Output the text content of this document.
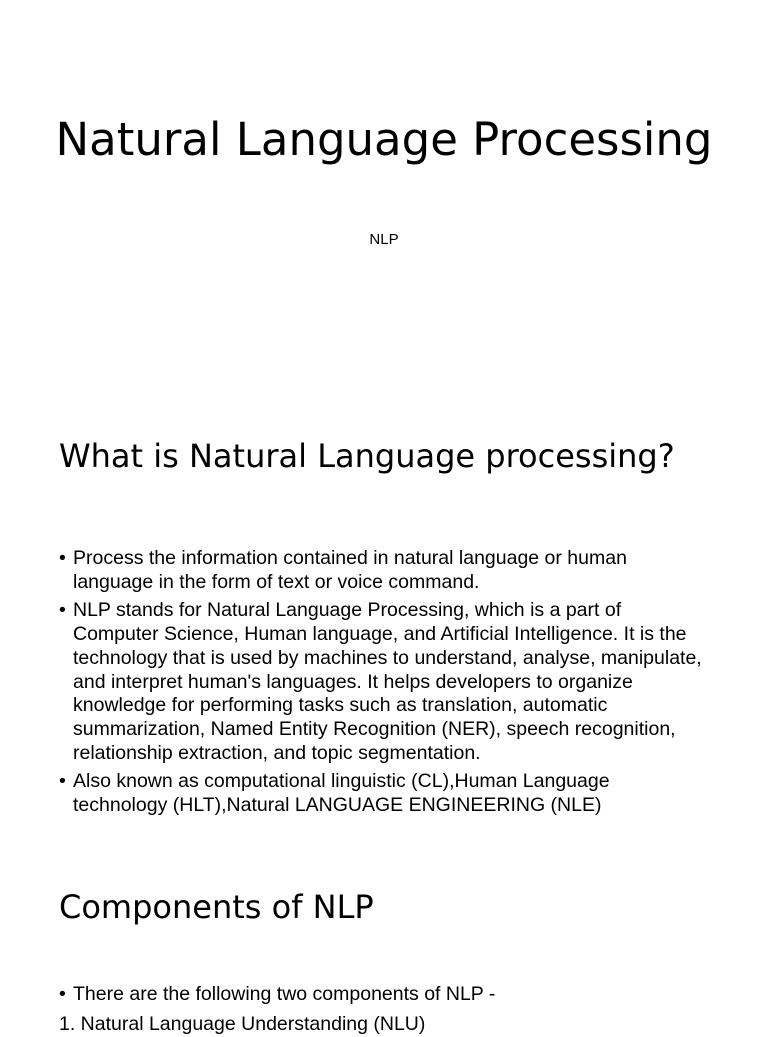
Natural Language Processing
NLP
What is Natural Language processing?
• Process the information contained in natural language or human language in the form of text or voice command.
• NLP stands for Natural Language Processing, which is a part of Computer Science, Human language, and Artificial Intelligence. It is the technology that is used by machines to understand, analyse, manipulate, and interpret human's languages. It helps developers to organize knowledge for performing tasks such as translation, automatic summarization, Named Entity Recognition (NER), speech recognition, relationship extraction, and topic segmentation.
• Also known as computational linguistic (CL),Human Language technology (HLT),Natural LANGUAGE ENGINEERING (NLE)
Components of NLP
• There are the following two components of NLP -
1. Natural Language Understanding (NLU)
